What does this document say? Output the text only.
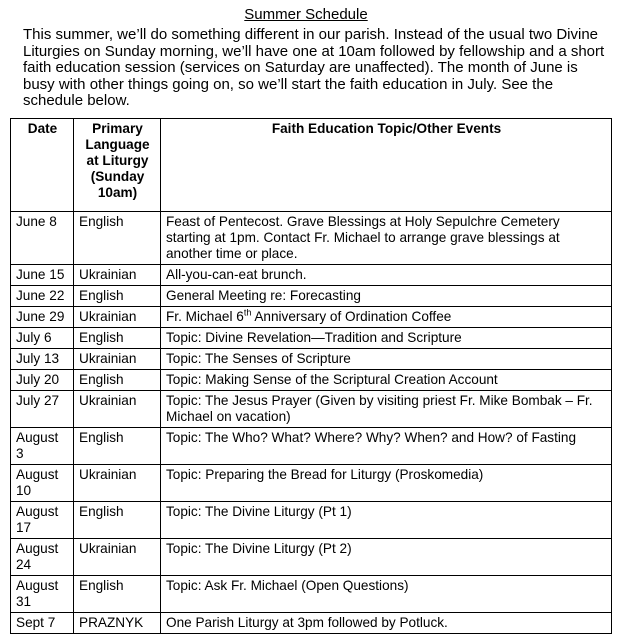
Summer Schedule
This summer, we’ll do something different in our parish. Instead of the usual two Divine Liturgies on Sunday morning, we’ll have one at 10am followed by fellowship and a short faith education session (services on Saturday are unaffected). The month of June is busy with other things going on, so we’ll start the faith education in July. See the schedule below.
Date	Primary Language at Liturgy (Sunday 10am)	Faith Education Topic/Other Events
June 8	English	Feast of Pentecost. Grave Blessings at Holy Sepulchre Cemetery starting at 1pm. Contact Fr. Michael to arrange grave blessings at another time or place.
June 15	Ukrainian	All-you-can-eat brunch.
June 22	English	General Meeting re: Forecasting
June 29	Ukrainian	Fr. Michael 6th Anniversary of Ordination Coffee
July 6	English	Topic: Divine Revelation—Tradition and Scripture
July 13	Ukrainian	Topic: The Senses of Scripture
July 20	English	Topic: Making Sense of the Scriptural Creation Account
July 27	Ukrainian	Topic: The Jesus Prayer (Given by visiting priest Fr. Mike Bombak – Fr. Michael on vacation)
August 3	English	Topic: The Who? What? Where? Why? When? and How? of Fasting
August 10	Ukrainian	Topic: Preparing the Bread for Liturgy (Proskomedia)
August 17	English	Topic: The Divine Liturgy (Pt 1)
August 24	Ukrainian	Topic: The Divine Liturgy (Pt 2)
August 31	English	Topic: Ask Fr. Michael (Open Questions)
Sept 7	PRAZNYK	One Parish Liturgy at 3pm followed by Potluck.
